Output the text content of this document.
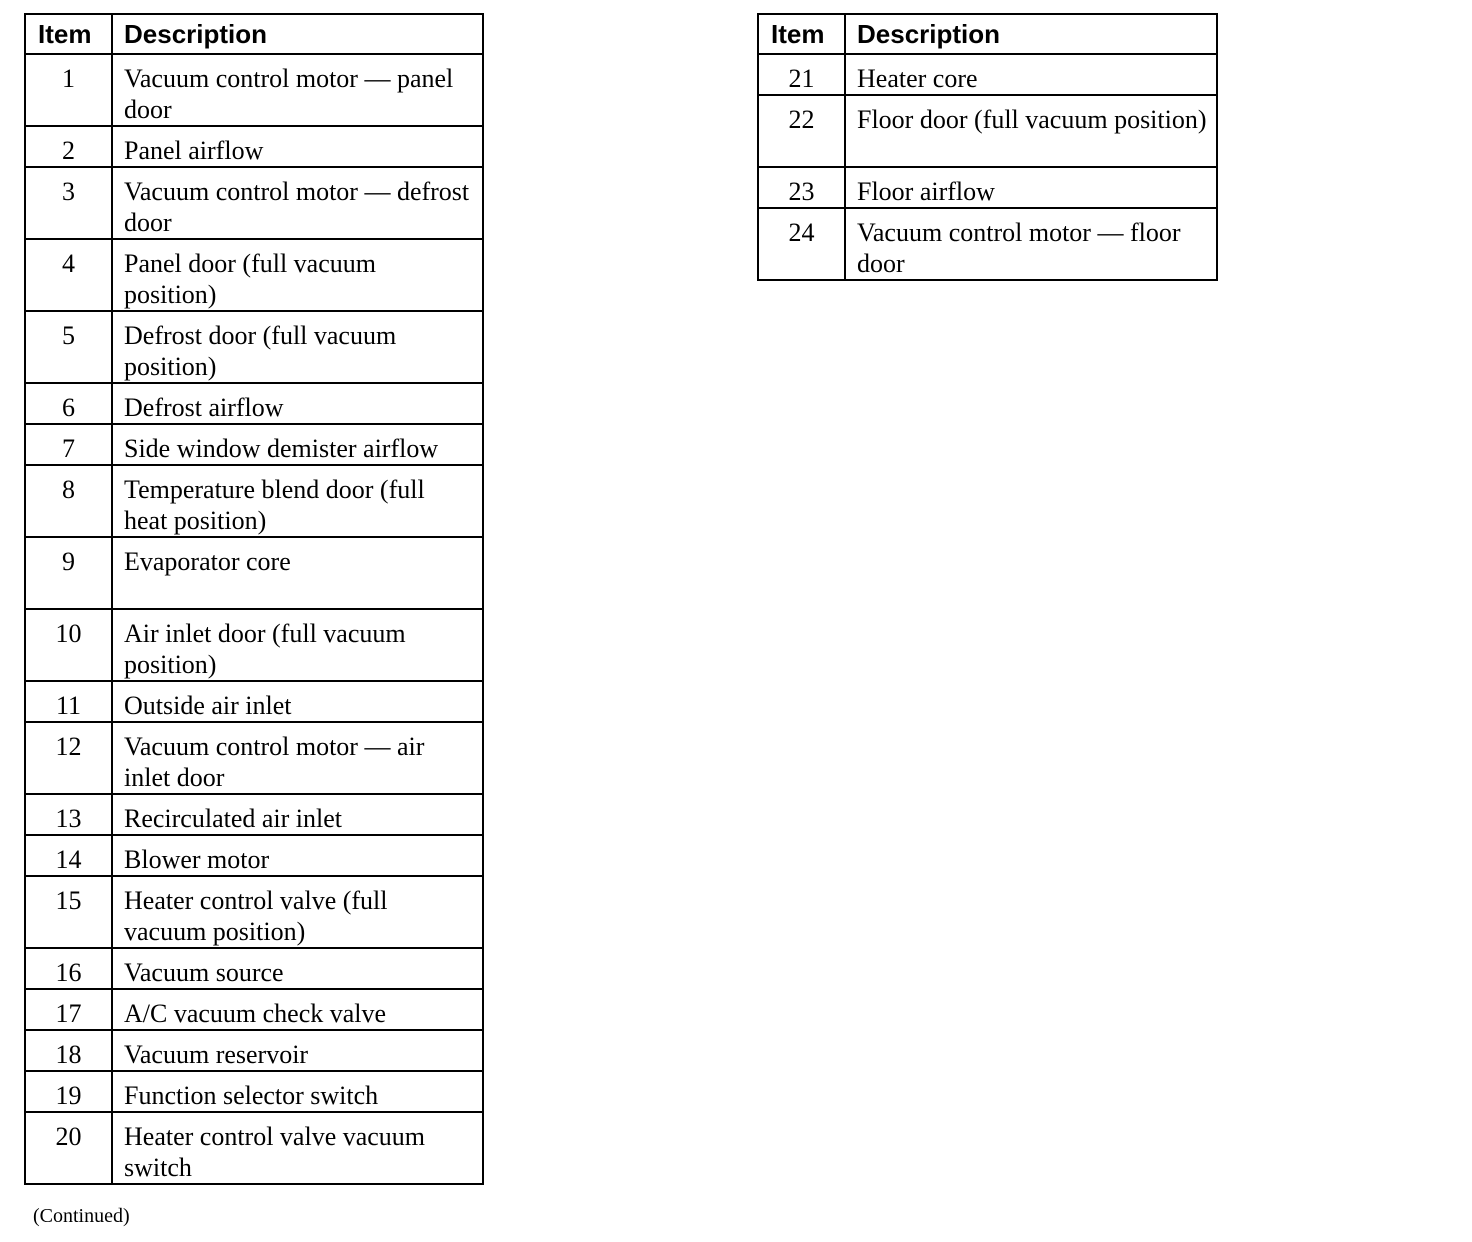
Item	Description
1	Vacuum control motor — panel door
2	Panel airflow
3	Vacuum control motor — defrost door
4	Panel door (full vacuum position)
5	Defrost door (full vacuum position)
6	Defrost airflow
7	Side window demister airflow
8	Temperature blend door (full heat position)
9	Evaporator core
10	Air inlet door (full vacuum position)
11	Outside air inlet
12	Vacuum control motor — air inlet door
13	Recirculated air inlet
14	Blower motor
15	Heater control valve (full vacuum position)
16	Vacuum source
17	A/C vacuum check valve
18	Vacuum reservoir
19	Function selector switch
20	Heater control valve vacuum switch
Item	Description
21	Heater core
22	Floor door (full vacuum position)
23	Floor airflow
24	Vacuum control motor — floor door
(Continued)
